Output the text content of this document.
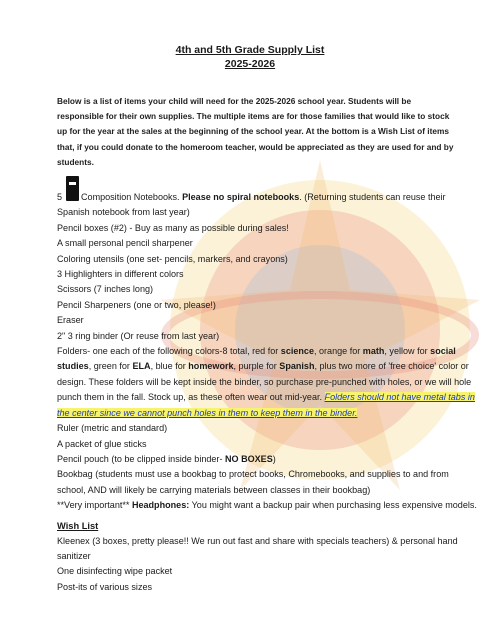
4th and 5th Grade Supply List
2025-2026
Below is a list of items your child will need for the 2025-2026 school year. Students will be responsible for their own supplies. The multiple items are for those families that would like to stock up for the year at the sales at the beginning of the school year. At the bottom is a Wish List of items that, if you could donate to the homeroom teacher, would be appreciated as they are used for and by students.

5 Composition Notebooks. Please no spiral notebooks. (Returning students can reuse their Spanish notebook from last year)

Pencil boxes (#2) - Buy as many as possible during sales!

A small personal pencil sharpener

Coloring utensils (one set- pencils, markers, and crayons)

3 Highlighters in different colors

Scissors (7 inches long)

Pencil Sharpeners (one or two, please!)

Eraser

2" 3 ring binder (Or reuse from last year)

Folders- one each of the following colors-8 total, red for science, orange for math, yellow for social studies, green for ELA, blue for homework, purple for Spanish, plus two more of 'free choice' color or design. These folders will be kept inside the binder, so purchase pre-punched with holes, or we will hole punch them in the fall. Stock up, as these often wear out mid-year. Folders should not have metal tabs in the center since we cannot punch holes in them to keep them in the binder.

Ruler (metric and standard)

A packet of glue sticks

Pencil pouch (to be clipped inside binder- NO BOXES)

Bookbag (students must use a bookbag to protect books, Chromebooks, and supplies to and from school, AND will likely be carrying materials between classes in their bookbag)

**Very important** Headphones: You might want a backup pair when purchasing less expensive models.

Wish List

Kleenex (3 boxes, pretty please!! We run out fast and share with specials teachers) & personal hand sanitizer

One disinfecting wipe packet

Post-its of various sizes
